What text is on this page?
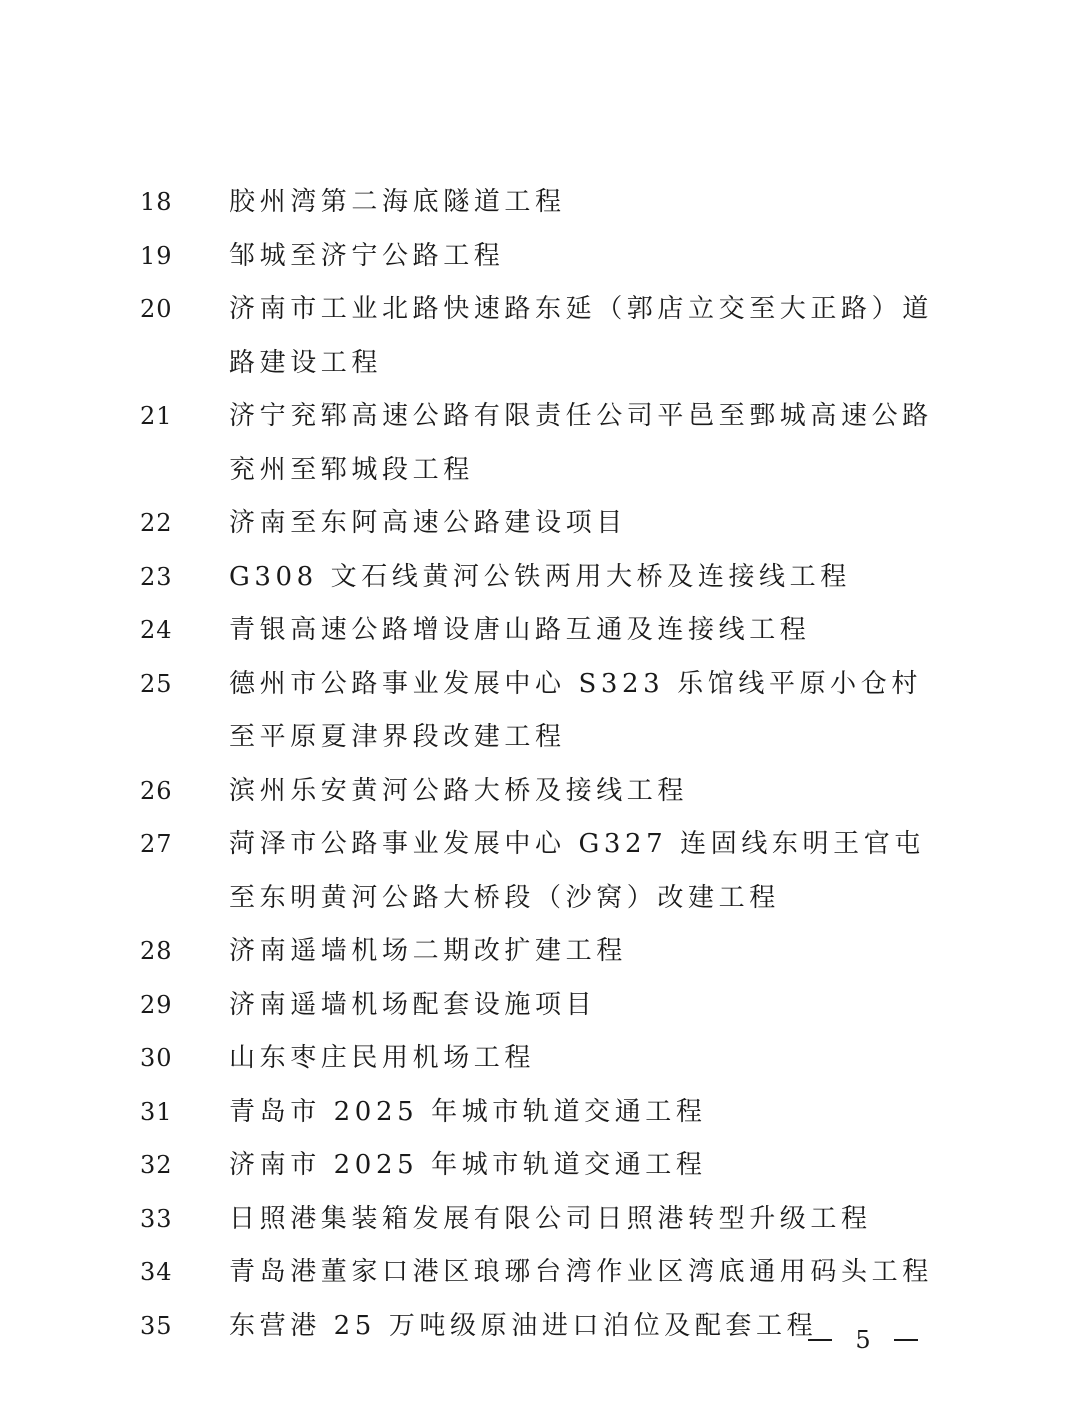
18	胶州湾第二海底隧道工程
19	邹城至济宁公路工程
20	济南市工业北路快速路东延（郭店立交至大正路）道路建设工程
21	济宁兖郓高速公路有限责任公司平邑至鄄城高速公路兖州至郓城段工程
22	济南至东阿高速公路建设项目
23	G308 文石线黄河公铁两用大桥及连接线工程
24	青银高速公路增设唐山路互通及连接线工程
25	德州市公路事业发展中心 S323 乐馆线平原小仓村至平原夏津界段改建工程
26	滨州乐安黄河公路大桥及接线工程
27	菏泽市公路事业发展中心 G327 连固线东明王官屯至东明黄河公路大桥段（沙窝）改建工程
28	济南遥墙机场二期改扩建工程
29	济南遥墙机场配套设施项目
30	山东枣庄民用机场工程
31	青岛市 2025 年城市轨道交通工程
32	济南市 2025 年城市轨道交通工程
33	日照港集装箱发展有限公司日照港转型升级工程
34	青岛港董家口港区琅琊台湾作业区湾底通用码头工程
35	东营港 25 万吨级原油进口泊位及配套工程	5
